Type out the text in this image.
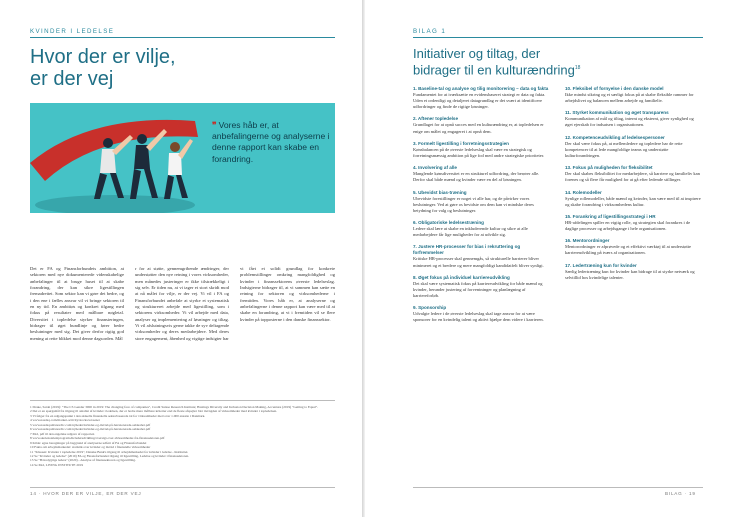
KVINDER I LEDELSE
Hvor der er vilje,
er der vej
❞ Vores håb er, at anbefalingerne og analyserne i denne rapport kan skabe en forandring.

Det er FA og Finansforbundets ambition, at sektoren med nye dokumenterede videnskabelige anbefalinger til at bruge huset til at skabe forandring, der kan sikre ligestillingen fremadrettet. Som sektor kan vi gøre det bedre, og i den ene i fælles ansvar vil vi bringe sektoren til en ny tid. En ambitiøs og konkret tilgang med fokus på resultater med målbare nøgletal. Diversitet i topledelse styrker finansieringen, bidrager til øget bundlinje og fører bedre beslutninger med sig. Det giver derfor rigtig god mening at rette blikket mod denne dagsorden. Mål

r for at støtte, gennemgribende ændringer, der understøtter den nye retning i vores virksomheder, men månedes justeringer er ikke tilstrækkeligt i sig selv. Er tiden nu, at vi tager et stort skridt mod at nå målet for vilje, er der vej. Vi vil i FA og Finansforbundet anbefale at styrke et systematisk og struktureret arbejde med ligestilling, som i sektorens virksomheder. Vi vil arbejde med data, analyser og implementering af løsninger og tiltag. Vi vil afslutningsvis gerne takke de syv deltagende virksomheder og deres medarbejdere. Med deres store engagement, åbenhed og vigtige indsigter har

vi fået et solidt grundlag for konkrete problemstillinger omkring mangfoldighed og kvinder i finanssektorens øverste ledelseslag. Indsigterne bidrager til, at vi sammen kan sætte en retning for sektoren og virksomhederne i fremtiden. Vores håb er, at analyserne og anbefalingerne i denne rapport kan være med til at skabe en forandring, at vi i fremtiden vil se flere kvinder på topposterne i den danske finanssektor.

1 Drake, Sarah (2019): "The CS Gender 3000 in 2019: The changing face of companies", Credit Suisse Research Institute; Hastings Diversity and Inclusion Decision Making, Accenture (2019) "Getting to Equal".
2 Det er en spørgsmål fra tilgang til antallet af kvinder i ledelsen, der er bedre mere målbare kriterier end de fleste afspejler blot mængden af virksomheder med kvinder i topledelsen.
3 Vi følger fra en udgangspunkt i den aktuelle finansielle sektorbaserede tal for virksomheder med over 1.000 ansatte i Danmark.
4 www.nasdaq.com/market-activity/stocks/screener
5 www.nasdaqomxnordic.com/nyheder/kvinder-og-mænd-på-børsnoterede-selskaber.pdf
6 www.nasdaqomxnordic.com/nyheder/kvinder-og-mænd-på-børsnoterede-selskaber.pdf
7 Ibid, pdf til den engelske udgave af rapporten
8 www.skolenstalentprogram.dk/lederudvikling/oversigt-over-virksomheder-fra-finanssektoren.pdf
9 Kilde: egne beregninger på baggrund af analyserne udført af FA og Finansforbundet
10 Fakta om arbejdsmarkedet: statistik over kvinder og mænd i finansielle virksomheder
11 "Klassen: Kvinder i topledelse 2019", Danske Bank's tilgang til arbejdsmarkedet for kvinder i ledelse - Instituttet.
12 Se "Kvinder og ledelse" (2019) FA og Finansforbundet tilgang til ligestilling, Ledelse og kvinder i finanssektoren.
13 Se "Bæredygtige ledere" (2020) - Analyse af finanssektoren og ligestilling.
14 Se Ibid, LIVING INSTITUTE 2019
14 · HVOR DER ER VILJE, ER DER VEJ
BILAG 1
Initiativer og tiltag, der
bidrager til en kulturændring$^{18}$
1. Baseline-tal og analyse og tilig monitorering – data og fakta
Fundamentet for at iværksætte en evidensbaseret strategi er data og fakta. Uden et ordentligt og detaljeret datagrundlag er det svært at identificere udfordringer og finde de rigtige løsninger.
2. Aftener topledelse
Grundlaget for at opnå succes med en kulturændring er, at topledelsen er enige om målet og engageret i at opnå dem.
3. Formelt ligestilling i forretningsstrategien
Kønsbalancen på de øverste ledelseslag skal være en strategisk og forretningsmæssig ambition på lige fod med andre strategiske prioriteter.
4. Involvering af alle
Manglende kønsdiversitet er en strukturel udfordring, der berører alle. Derfor skal både mænd og kvinder være en del af løsningen.
5. Ubevidst bias-træning
Ubevidste forestillinger er noget vi alle har, og de påvirker vores beslutninger. Ved at gøre os bevidste om dem kan vi mindske deres betydning for valg og beslutninger.
6. Obligatoriske ledelsestræning
Ledere skal lære at skabe en inkluderende kultur og sikre at alle medarbejdere får lige muligheder for at udvikle sig.
7. Justere HR-processer for bias i rekruttering og forfremmelser
Kritiske HR-processer skal gennemgås, så strukturelle barrierer bliver minimeret og et bredere og mere mangfoldigt kandidatfelt bliver synligt.
8. Øget fokus på individuel karriereudvikling
Det skal være systematisk fokus på karriereudvikling for både mænd og kvinder, herunder justering af forventninger og planlægning af karriereforløb.
9. Sponsorship
Udvalgte ledere i de øverste ledelseslag skal tage ansvar for at være sponsorer for en kvindelig talent og aktivt hjælpe dem videre i karrieren.
10. Fleksibel of fornyelse i den danske model
Ikke mindst sikring og et særligt fokus på at skabe fleksible rammer for arbejdslivet og balancen mellem arbejde og familieliv.
11. Styrket kommunikation og øget transparens
Kommunikation af mål og tiltag, internt og eksternt, giver synlighed og øget ejerskab for indsatsen i organisationen.
12. Kompetenceudvikling af ledelsespersoner
Der skal være fokus på, at mellemledere og topledere har de rette kompetencer til at lede mangfoldige teams og understøtte kulturforandringen.
13. Fokus på muligheden for fleksibilitet
Der skal skabes fleksibilitet for medarbejdere, så karriere og familieliv kan forenes og så flere får mulighed for at gå efter ledende stillinger.
14. Rolemodeller
Synlige rollemodeller, både mænd og kvinder, kan være med til at inspirere og skabe forandring i virksomhedens kultur.
15. Forankring af ligestillingsstrategi i HR
HR-afdelingen spiller en vigtig rolle, og strategien skal forankres i de daglige processer og arbejdsgange i hele organisationen.
16. Mentorordninger
Mentorordninger er afprøvede og et effektivt værktøj til at understøtte karriereudvikling på tværs af organisationen.
17. Ledertræning kun for kvinder
Særlig ledertræning kun for kvinder kan bidrage til at styrke netværk og selvtillid hos kvindelige talenter.
BILAG · 19
